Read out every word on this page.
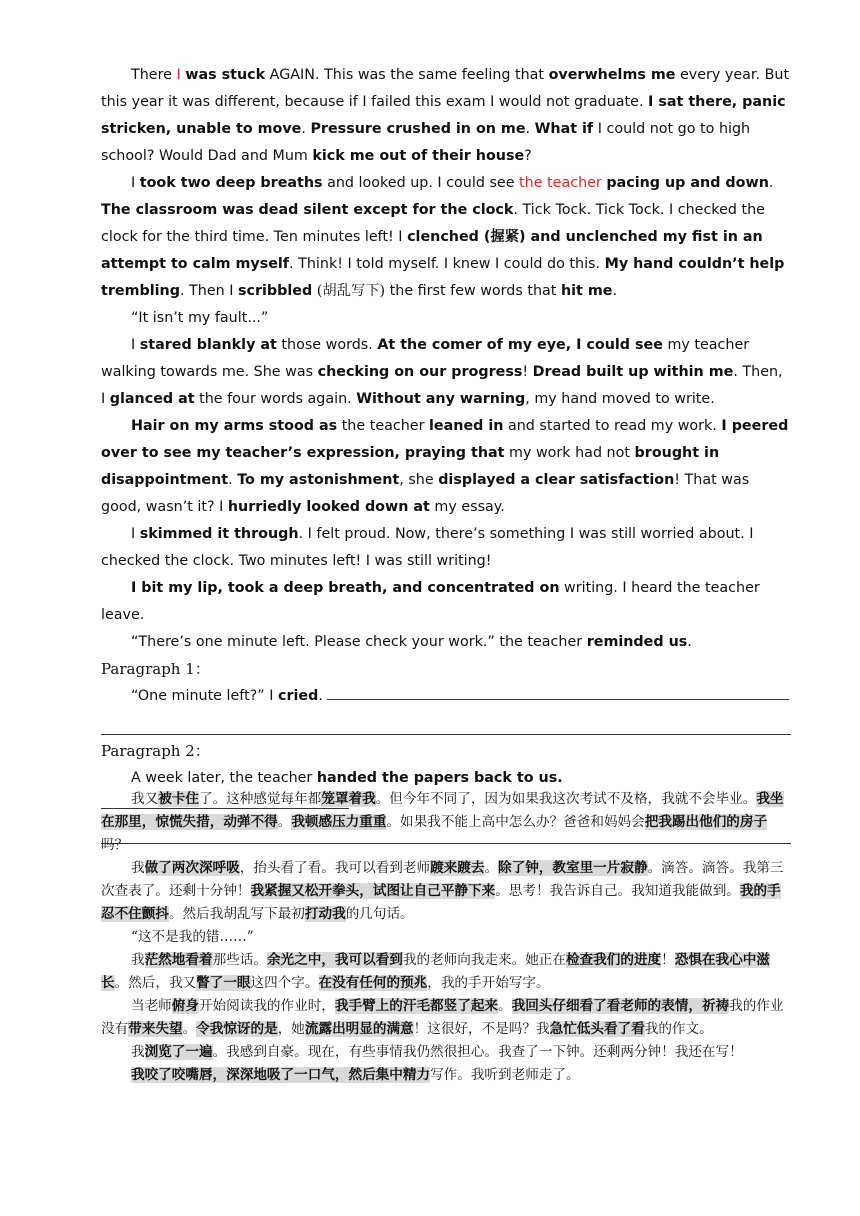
There I was stuck AGAIN. This was the same feeling that overwhelms me every year. But this year it was different, because if I failed this exam I would not graduate. I sat there, panic stricken, unable to move. Pressure crushed in on me. What if I could not go to high school? Would Dad and Mum kick me out of their house?

I took two deep breaths and looked up. I could see the teacher pacing up and down. The classroom was dead silent except for the clock. Tick Tock. Tick Tock. I checked the clock for the third time. Ten minutes left! I clenched (握紧) and unclenched my fist in an attempt to calm myself. Think! I told myself. I knew I could do this. My hand couldn’t help trembling. Then I scribbled (胡乱写下) the first few words that hit me.

“It isn’t my fault...”

I stared blankly at those words. At the comer of my eye, I could see my teacher walking towards me. She was checking on our progress! Dread built up within me. Then, I glanced at the four words again. Without any warning, my hand moved to write.

Hair on my arms stood as the teacher leaned in and started to read my work. I peered over to see my teacher’s expression, praying that my work had not brought in disappointment. To my astonishment, she displayed a clear satisfaction! That was good, wasn’t it? I hurriedly looked down at my essay.

I skimmed it through. I felt proud. Now, there’s something I was still worried about. I checked the clock. Two minutes left! I was still writing!

I bit my lip, took a deep breath, and concentrated on writing. I heard the teacher leave.

“There’s one minute left. Please check your work.” the teacher reminded us.

Paragraph 1：

“One minute left?” I cried.

Paragraph 2：

A week later, the teacher handed the papers back to us.

我又被卡住了。这种感觉每年都笼罩着我。但今年不同了，因为如果我这次考试不及格，我就不会毕业。我坐在那里，惊慌失措，动弹不得。我顿感压力重重。如果我不能上高中怎么办？爸爸和妈妈会把我踢出他们的房子吗？

我做了两次深呼吸，抬头看了看。我可以看到老师踱来踱去。除了钟，教室里一片寂静。滴答。滴答。我第三次查表了。还剩十分钟！我紧握又松开拳头，试图让自己平静下来。思考！我告诉自己。我知道我能做到。我的手忍不住颤抖。然后我胡乱写下最初打动我的几句话。

“这不是我的错……”

我茫然地看着那些话。余光之中，我可以看到我的老师向我走来。她正在检查我们的进度！恐惧在我心中滋长。然后，我又瞥了一眼这四个字。在没有任何的预兆，我的手开始写字。

当老师俯身开始阅读我的作业时，我手臂上的汗毛都竖了起来。我回头仔细看了看老师的表情，祈祷我的作业没有带来失望。令我惊讶的是，她流露出明显的满意！这很好，不是吗？我急忙低头看了看我的作文。

我浏览了一遍。我感到自豪。现在，有些事情我仍然很担心。我查了一下钟。还剩两分钟！我还在写！

我咬了咬嘴唇，深深地吸了一口气，然后集中精力写作。我听到老师走了。
